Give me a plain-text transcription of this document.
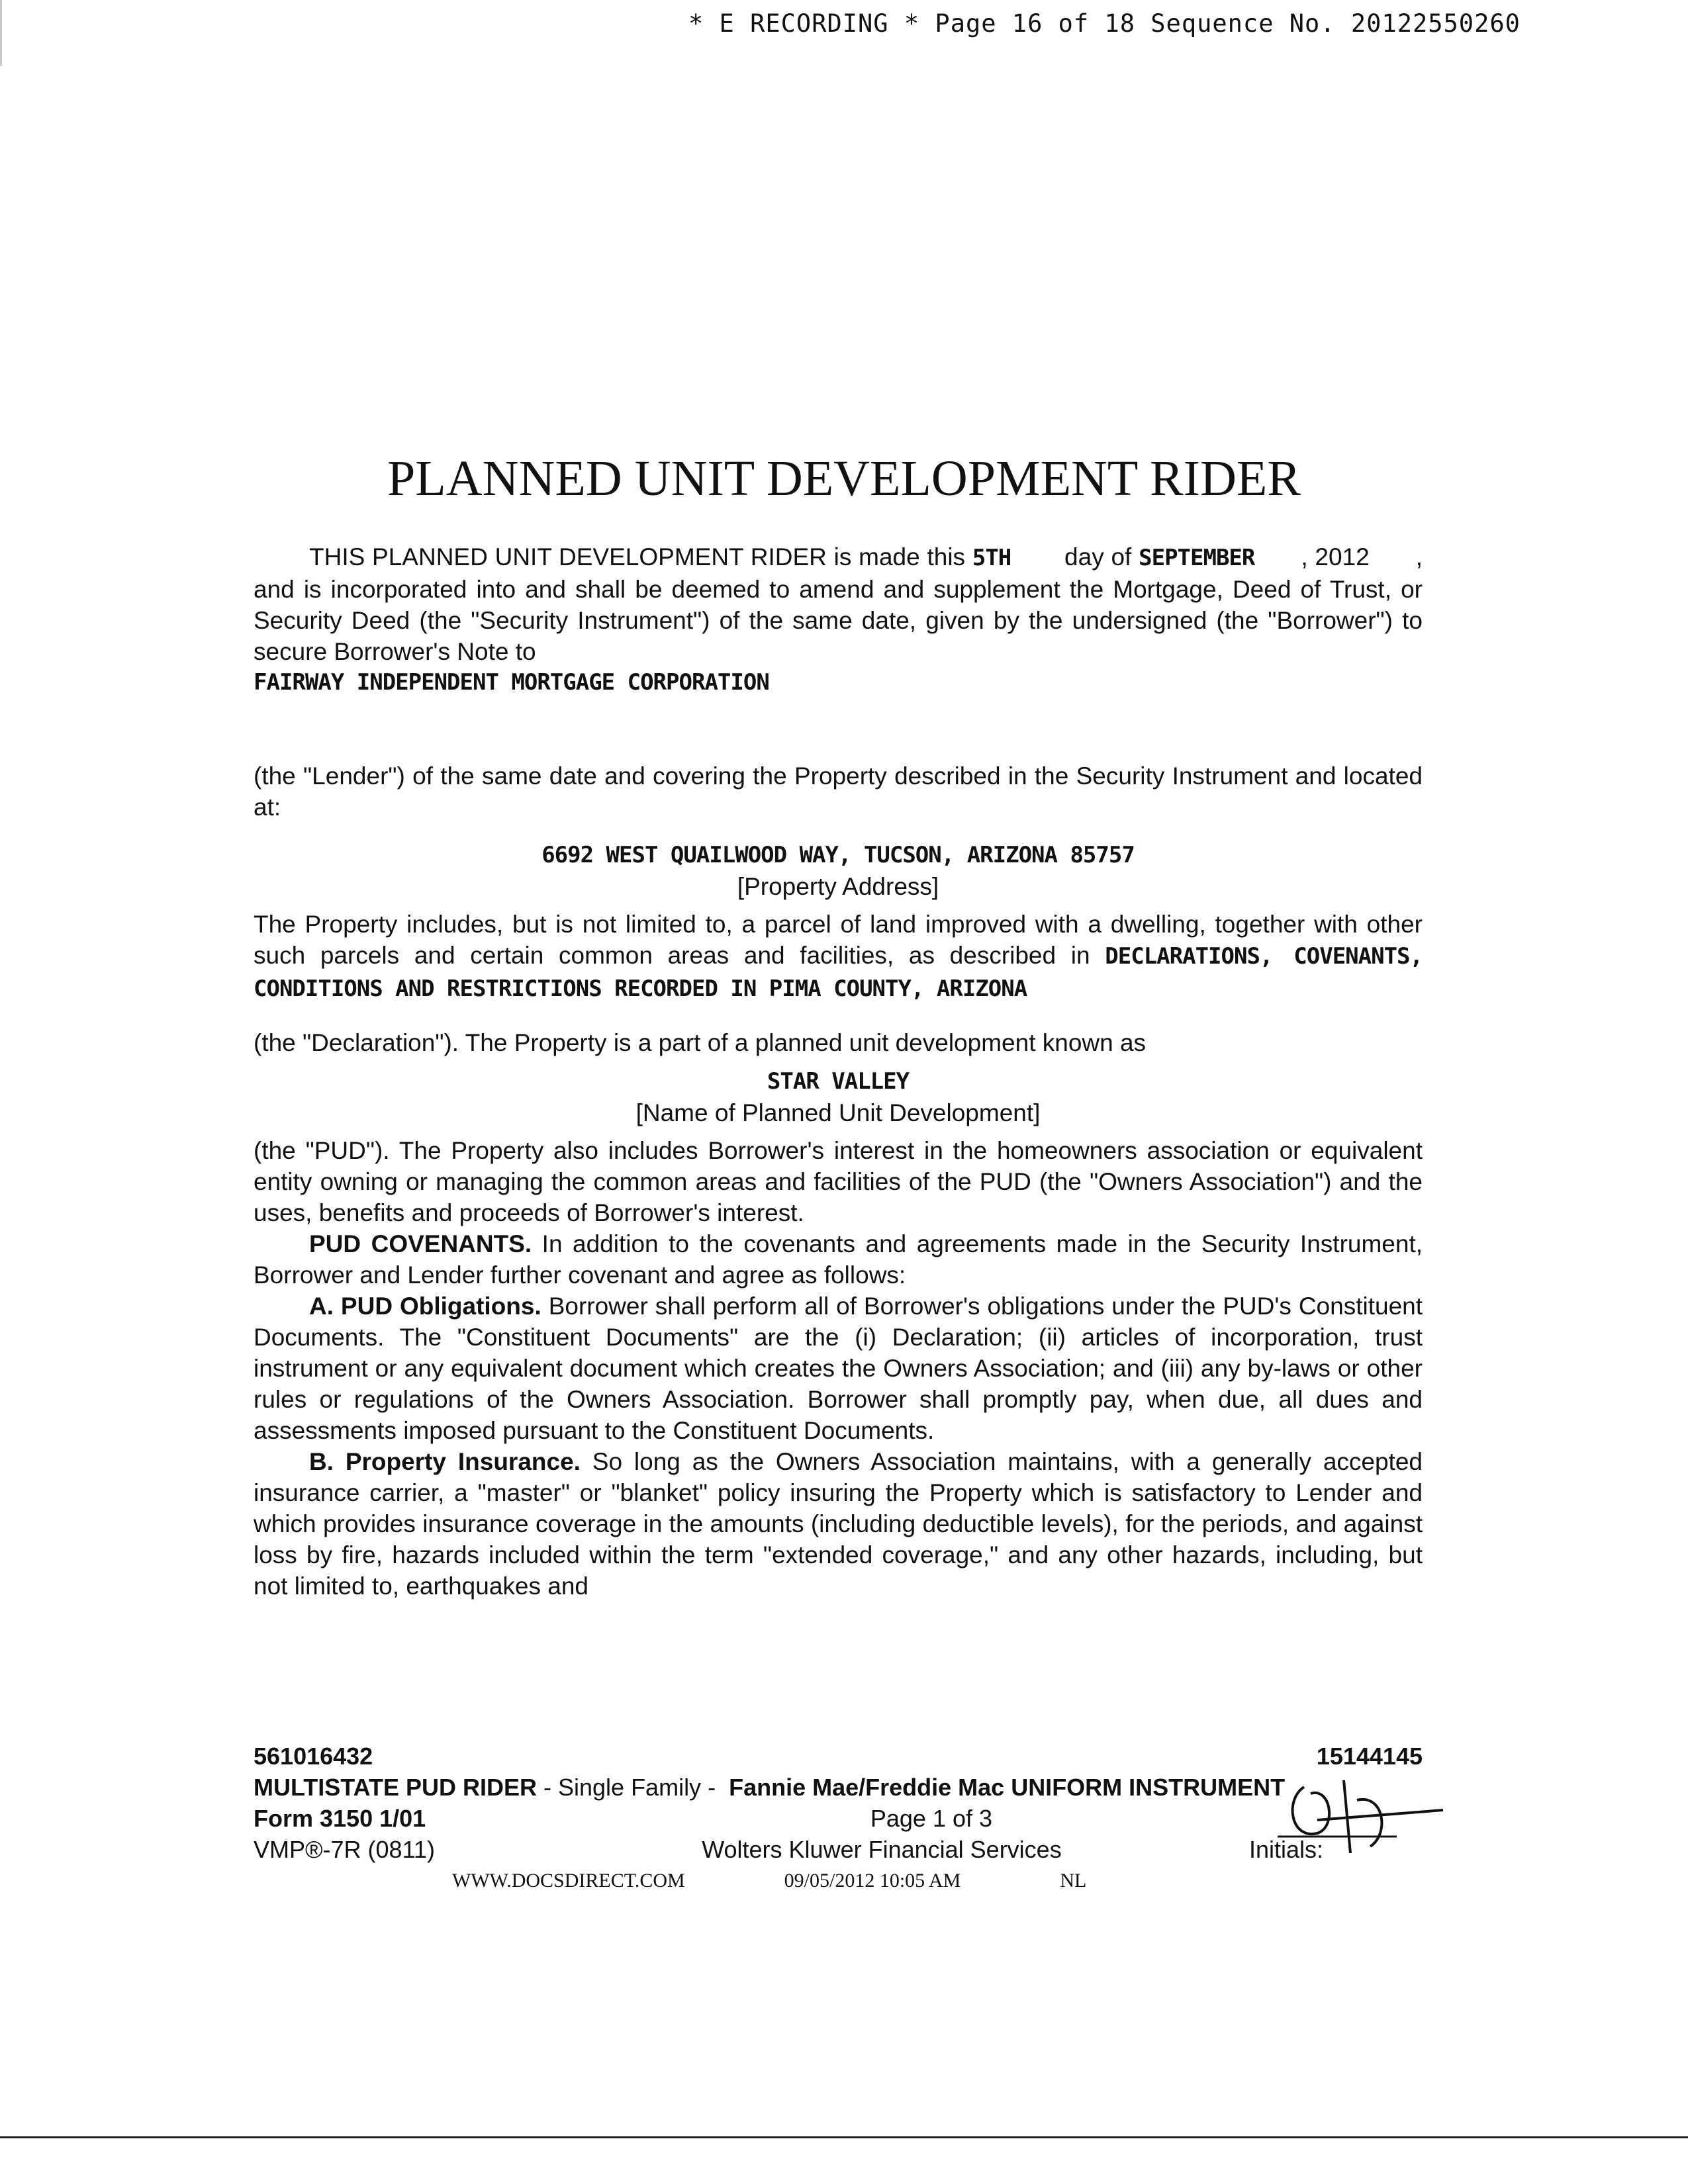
* E RECORDING * Page 16 of 18 Sequence No. 20122550260
PLANNED UNIT DEVELOPMENT RIDER

THIS PLANNED UNIT DEVELOPMENT RIDER is made this 5TH day of SEPTEMBER , 2012 , and is incorporated into and shall be deemed to amend and supplement the Mortgage, Deed of Trust, or Security Deed (the "Security Instrument") of the same date, given by the undersigned (the "Borrower") to secure Borrower's Note to

FAIRWAY INDEPENDENT MORTGAGE CORPORATION

(the "Lender") of the same date and covering the Property described in the Security Instrument and located at:

6692 WEST QUAILWOOD WAY, TUCSON, ARIZONA 85757
[Property Address]

The Property includes, but is not limited to, a parcel of land improved with a dwelling, together with other such parcels and certain common areas and facilities, as described in DECLARATIONS, COVENANTS, CONDITIONS AND RESTRICTIONS RECORDED IN PIMA COUNTY, ARIZONA

(the "Declaration"). The Property is a part of a planned unit development known as

STAR VALLEY
[Name of Planned Unit Development]

(the "PUD"). The Property also includes Borrower's interest in the homeowners association or equivalent entity owning or managing the common areas and facilities of the PUD (the "Owners Association") and the uses, benefits and proceeds of Borrower's interest.

PUD COVENANTS. In addition to the covenants and agreements made in the Security Instrument, Borrower and Lender further covenant and agree as follows:

A. PUD Obligations. Borrower shall perform all of Borrower's obligations under the PUD's Constituent Documents. The "Constituent Documents" are the (i) Declaration; (ii) articles of incorporation, trust instrument or any equivalent document which creates the Owners Association; and (iii) any by-laws or other rules or regulations of the Owners Association. Borrower shall promptly pay, when due, all dues and assessments imposed pursuant to the Constituent Documents.

B. Property Insurance. So long as the Owners Association maintains, with a generally accepted insurance carrier, a "master" or "blanket" policy insuring the Property which is satisfactory to Lender and which provides insurance coverage in the amounts (including deductible levels), for the periods, and against loss by fire, hazards included within the term "extended coverage," and any other hazards, including, but not limited to, earthquakes and

561016432	15144145
MULTISTATE PUD RIDER
- Single Family -
Fannie Mae/Freddie Mac UNIFORM INSTRUMENT
Form 3150 1/01	Page 1 of 3
VMP®-7R (0811)	Wolters Kluwer Financial Services	Initials:
WWW.DOCSDIRECT.COM	09/05/2012 10:05 AM	NL
